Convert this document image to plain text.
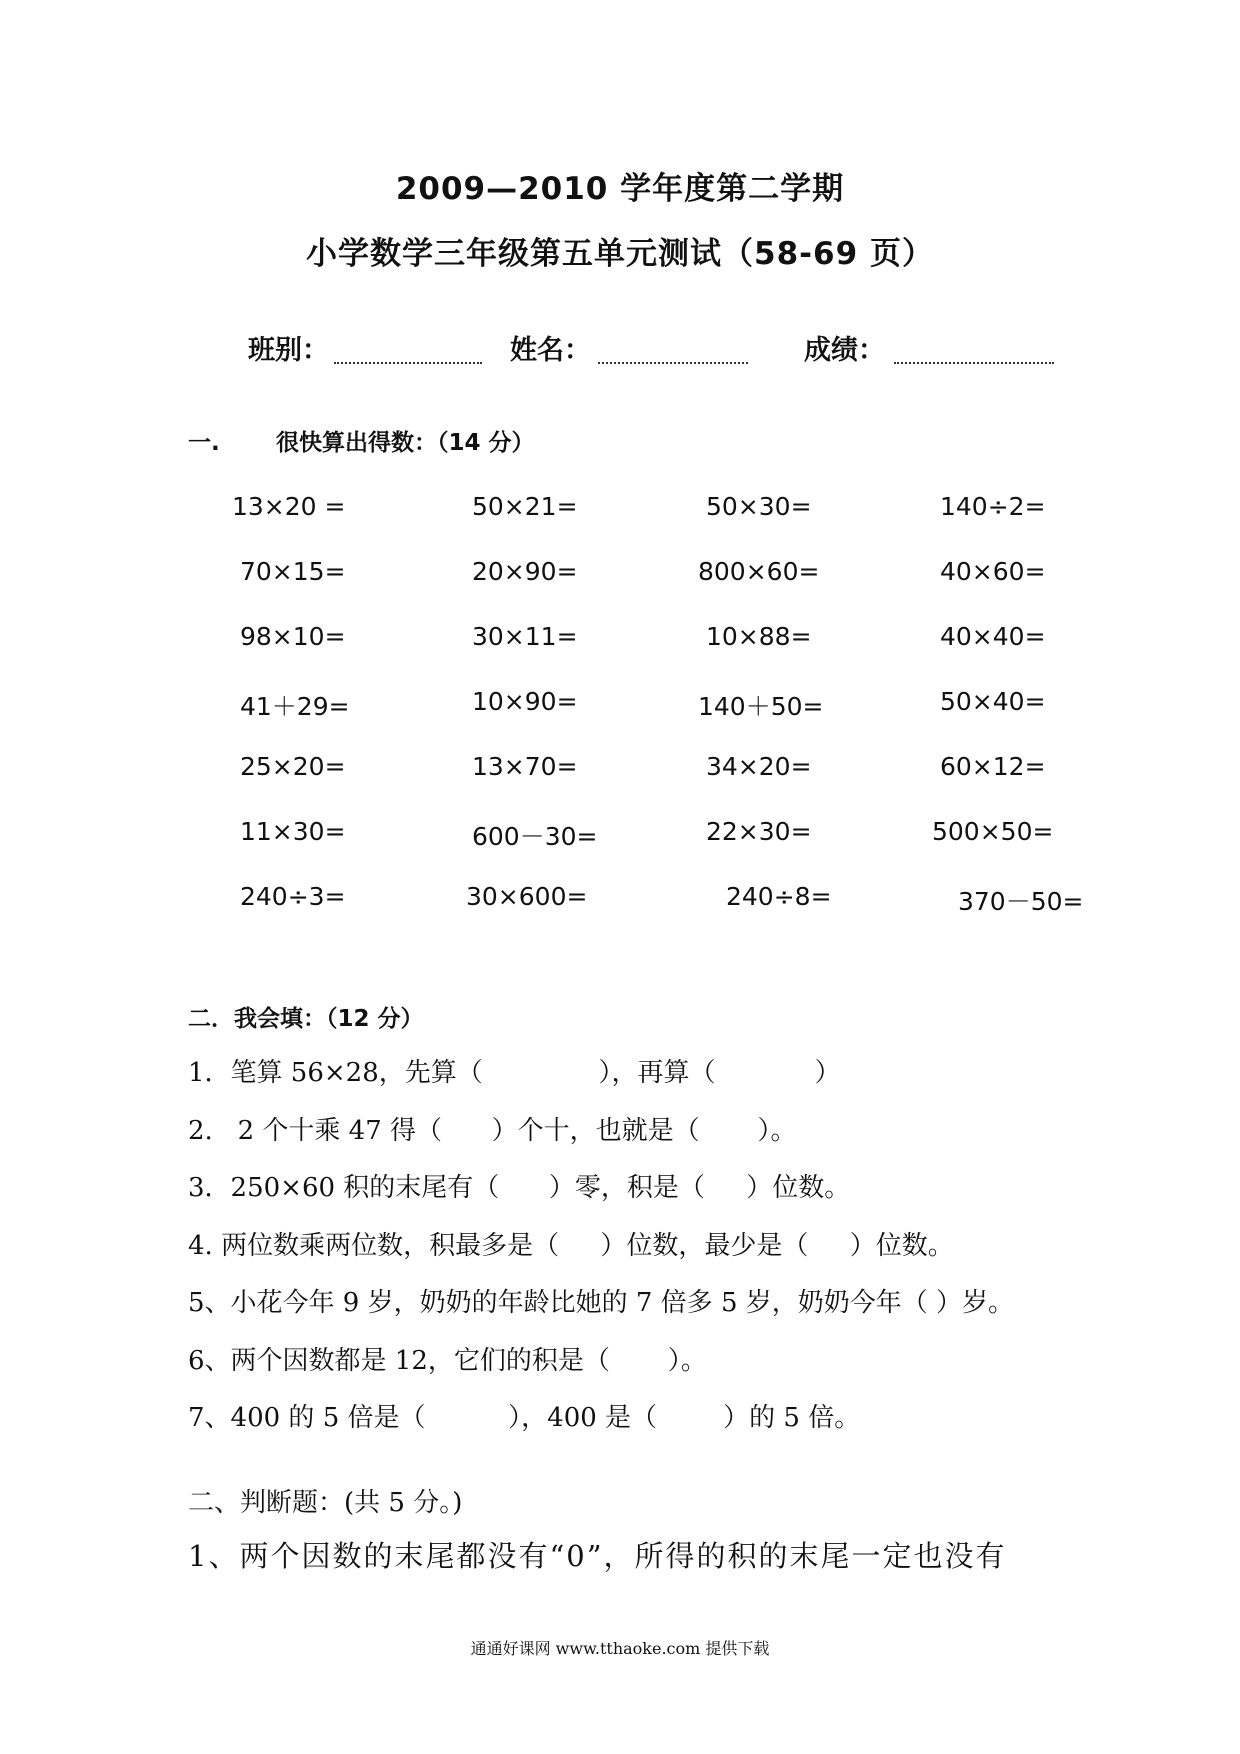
2009—2010 学年度第二学期
小学数学三年级第五单元测试（58-69 页）
班别：	姓名：	成绩：
一. 很快算出得数：（14 分）
13×20 =	50×21=	50×30=	140÷2=
70×15=	20×90=	800×60=	40×60=
98×10=	30×11=	10×88=	40×40=
41＋29=	10×90=	140＋50=	50×40=
25×20=	13×70=	34×20=	60×12=
11×30=	600－30=	22×30=	500×50=
240÷3=	30×600=	240÷8=	370－50=
二．我会填：（12 分）
1．笔算 56×28，先算（              ），再算（            ）
2.   2 个十乘 47 得（      ）个十，也就是（       ）。
3．250×60 积的末尾有（      ）零，积是（     ）位数。
4. 两位数乘两位数，积最多是（     ）位数，最少是（     ）位数。
5、小花今年 9 岁，奶奶的年龄比她的 7 倍多 5 岁，奶奶今年（ ）岁。
6、两个因数都是 12，它们的积是（       ）。
7、400 的 5 倍是（          ），400 是（        ）的 5 倍。
二、判断题：(共 5 分。)
1、两个因数的末尾都没有“0”，所得的积的末尾一定也没有
通通好课网 www.tthaoke.com 提供下载
